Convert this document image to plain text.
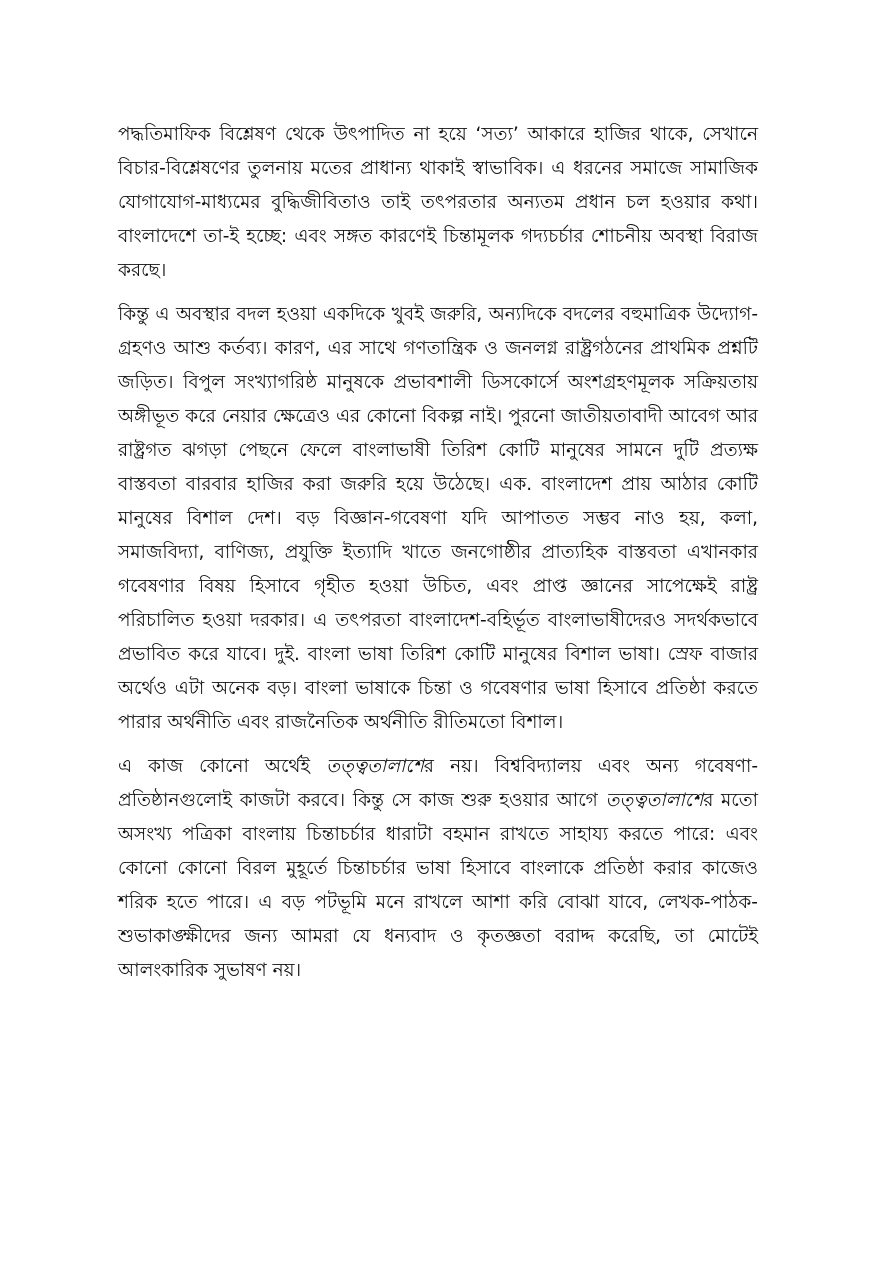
পদ্ধতিমাফিক বিশ্লেষণ থেকে উৎপাদিত না হয়ে ‘সত্য’ আকারে হাজির থাকে, সেখানে বিচার-বিশ্লেষণের তুলনায় মতের প্রাধান্য থাকাই স্বাভাবিক। এ ধরনের সমাজে সামাজিক যোগাযোগ-মাধ্যমের বুদ্ধিজীবিতাও তাই তৎপরতার অন্যতম প্রধান চল হওয়ার কথা। বাংলাদেশে তা-ই হচ্ছে: এবং সঙ্গত কারণেই চিন্তামূলক গদ্যচর্চার শোচনীয় অবস্থা বিরাজ করছে।

কিন্তু এ অবস্থার বদল হওয়া একদিকে খুবই জরুরি, অন্যদিকে বদলের বহুমাত্রিক উদ্যোগ-গ্রহণও আশু কর্তব্য। কারণ, এর সাথে গণতান্ত্রিক ও জনলগ্ন রাষ্ট্রগঠনের প্রাথমিক প্রশ্নটি জড়িত। বিপুল সংখ্যাগরিষ্ঠ মানুষকে প্রভাবশালী ডিসকোর্সে অংশগ্রহণমূলক সক্রিয়তায় অঙ্গীভূত করে নেয়ার ক্ষেত্রেও এর কোনো বিকল্প নাই। পুরনো জাতীয়তাবাদী আবেগ আর রাষ্ট্রগত ঝগড়া পেছনে ফেলে বাংলাভাষী তিরিশ কোটি মানুষের সামনে দুটি প্রত্যক্ষ বাস্তবতা বারবার হাজির করা জরুরি হয়ে উঠেছে। এক. বাংলাদেশ প্রায় আঠার কোটি মানুষের বিশাল দেশ। বড় বিজ্ঞান-গবেষণা যদি আপাতত সম্ভব নাও হয়, কলা, সমাজবিদ্যা, বাণিজ্য, প্রযুক্তি ইত্যাদি খাতে জনগোষ্ঠীর প্রাত্যহিক বাস্তবতা এখানকার গবেষণার বিষয় হিসাবে গৃহীত হওয়া উচিত, এবং প্রাপ্ত জ্ঞানের সাপেক্ষেই রাষ্ট্র পরিচালিত হওয়া দরকার। এ তৎপরতা বাংলাদেশ-বহির্ভূত বাংলাভাষীদেরও সদর্থকভাবে প্রভাবিত করে যাবে। দুই. বাংলা ভাষা তিরিশ কোটি মানুষের বিশাল ভাষা। স্রেফ বাজার অর্থেও এটা অনেক বড়। বাংলা ভাষাকে চিন্তা ও গবেষণার ভাষা হিসাবে প্রতিষ্ঠা করতে পারার অর্থনীতি এবং রাজনৈতিক অর্থনীতি রীতিমতো বিশাল।

এ কাজ কোনো অর্থেই তত্ত্বতালাশের নয়। বিশ্ববিদ্যালয় এবং অন্য গবেষণা-প্রতিষ্ঠানগুলোই কাজটা করবে। কিন্তু সে কাজ শুরু হওয়ার আগে তত্ত্বতালাশের মতো অসংখ্য পত্রিকা বাংলায় চিন্তাচর্চার ধারাটা বহমান রাখতে সাহায্য করতে পারে: এবং কোনো কোনো বিরল মুহূর্তে চিন্তাচর্চার ভাষা হিসাবে বাংলাকে প্রতিষ্ঠা করার কাজেও শরিক হতে পারে। এ বড় পটভূমি মনে রাখলে আশা করি বোঝা যাবে, লেখক-পাঠক-শুভাকাঙ্ক্ষীদের জন্য আমরা যে ধন্যবাদ ও কৃতজ্ঞতা বরাদ্দ করেছি, তা মোটেই আলংকারিক সুভাষণ নয়।
